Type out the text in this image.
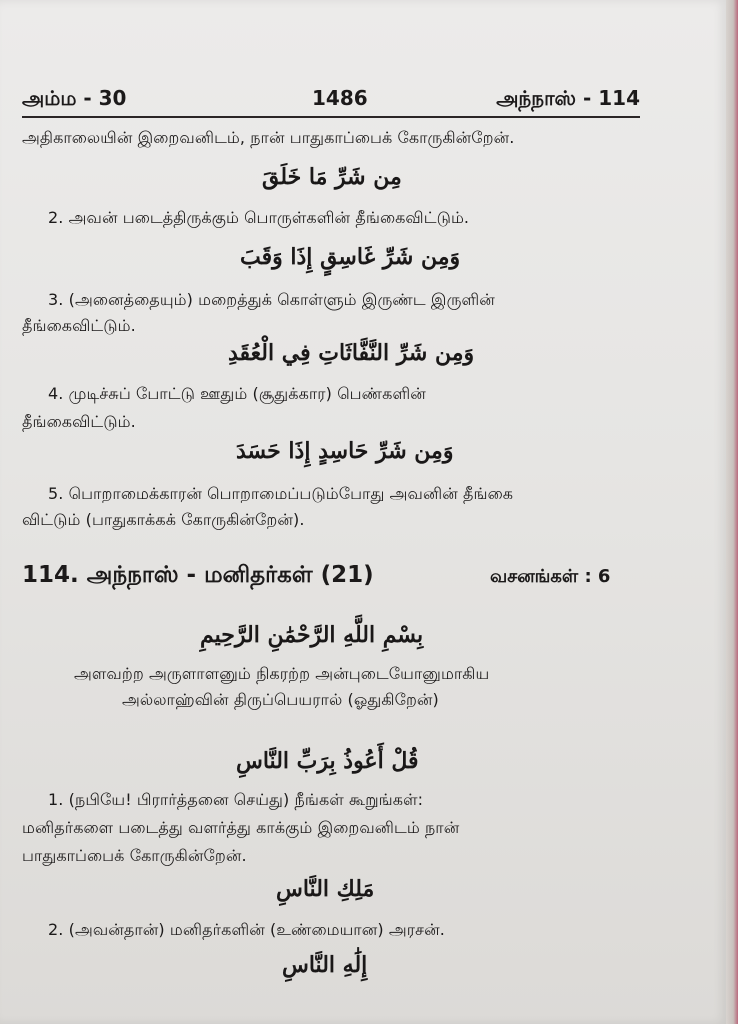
அம்ம - 30	1486	அந்நாஸ் - 114
அதிகாலையின் இறைவனிடம், நான் பாதுகாப்பைக் கோருகின்றேன்.
مِن شَرِّ مَا خَلَقَ
2. அவன் படைத்திருக்கும் பொருள்களின் தீங்கைவிட்டும்.
وَمِن شَرِّ غَاسِقٍ إِذَا وَقَبَ
3. (அனைத்தையும்) மறைத்துக் கொள்ளும் இருண்ட இருளின்
தீங்கைவிட்டும்.
وَمِن شَرِّ النَّفَّاثَاتِ فِي الْعُقَدِ
4. முடிச்சுப் போட்டு ஊதும் (சூதுக்கார) பெண்களின்
தீங்கைவிட்டும்.
وَمِن شَرِّ حَاسِدٍ إِذَا حَسَدَ
5. பொறாமைக்காரன் பொறாமைப்படும்போது அவனின் தீங்கை
விட்டும் (பாதுகாக்கக் கோருகின்றேன்).
114. அந்நாஸ் - மனிதர்கள் (21)	வசனங்கள் : 6
بِسْمِ اللَّهِ الرَّحْمَٰنِ الرَّحِيمِ
அளவற்ற அருளாளனும் நிகரற்ற அன்புடையோனுமாகிய
அல்லாஹ்வின் திருப்பெயரால் (ஓதுகிறேன்)
قُلْ أَعُوذُ بِرَبِّ النَّاسِ
1. (நபியே! பிரார்த்தனை செய்து) நீங்கள் கூறுங்கள்:
மனிதர்களை படைத்து வளர்த்து காக்கும் இறைவனிடம் நான்
பாதுகாப்பைக் கோருகின்றேன்.
مَلِكِ النَّاسِ
2. (அவன்தான்) மனிதர்களின் (உண்மையான) அரசன்.
إِلَٰهِ النَّاسِ
